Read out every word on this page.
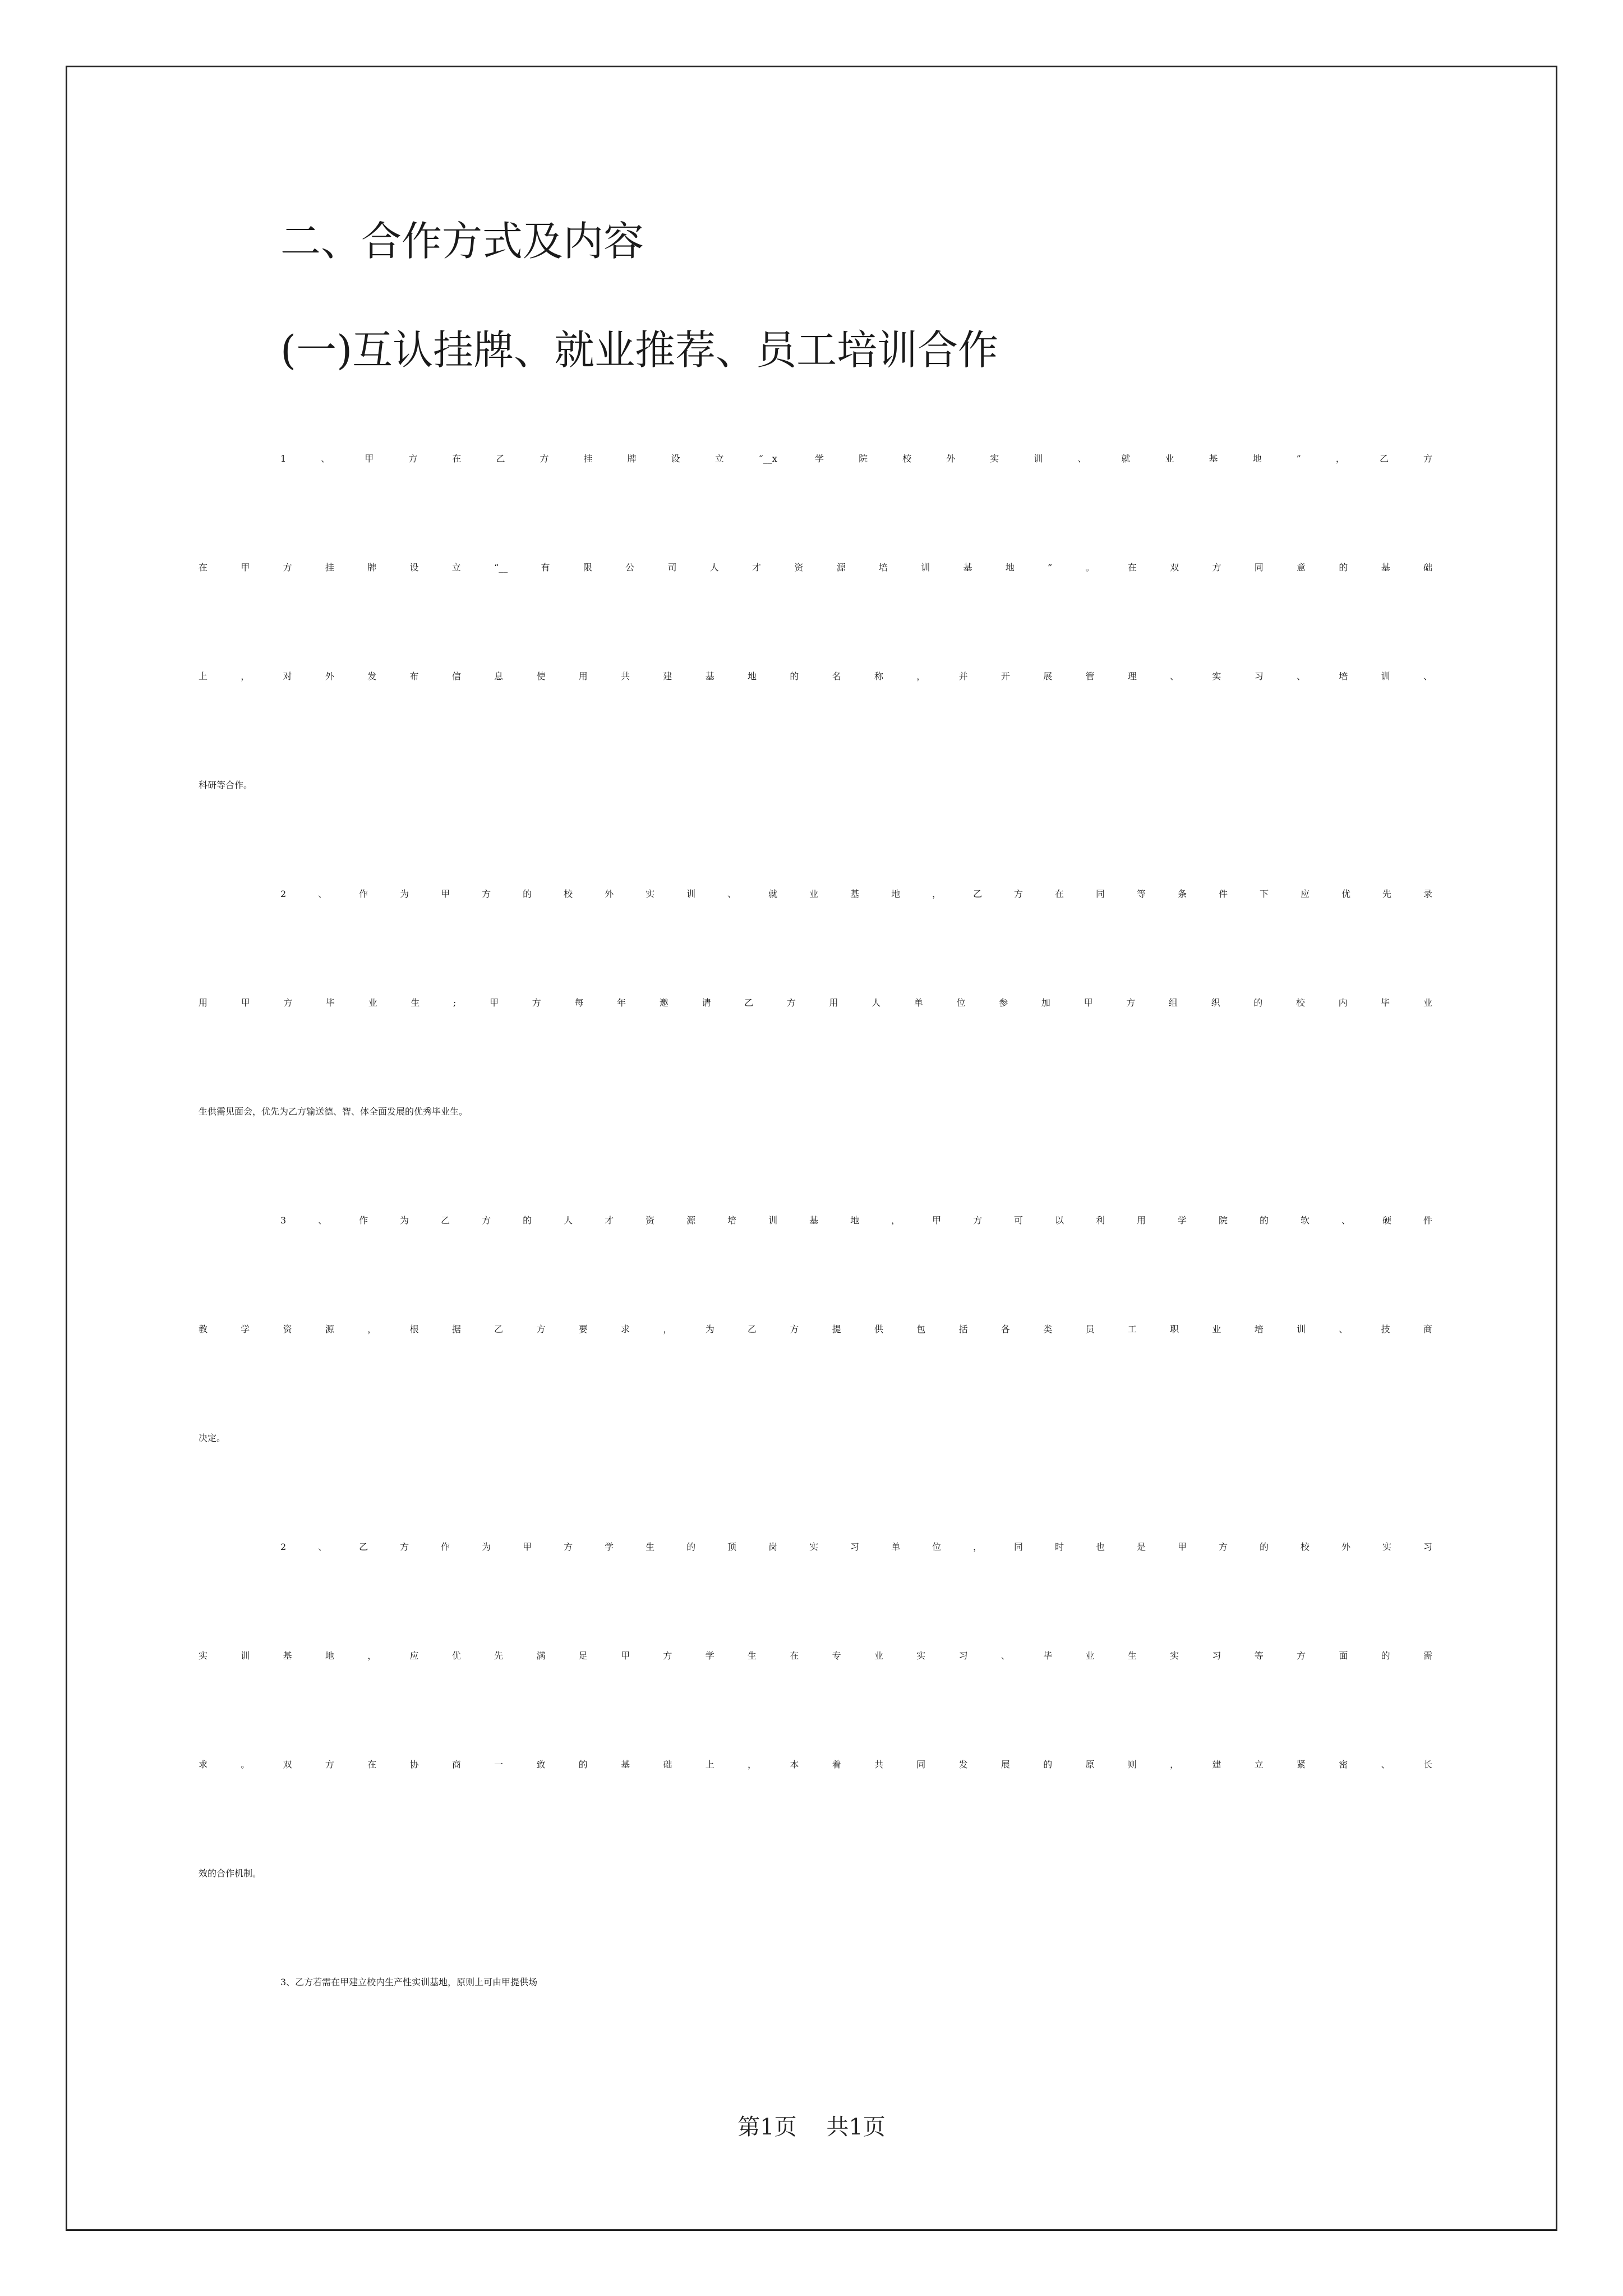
二、合作方式及内容
(一)互认挂牌、就业推荐、员工培训合作
1、甲方在乙方挂牌设立“__x 学院校外实训、就业基地”，乙方
在甲方挂牌设立“__有限公司人才资源培训基地”。在双方同意的基础
上，对外发布信息使用共建基地的名称，并开展管理、实习、培训、
科研等合作。
2、作为甲方的校外实训、就业基地，乙方在同等条件下应优先录
用甲方毕业生;甲方每年邀请乙方用人单位参加甲方组织的校内毕业
生供需见面会，优先为乙方输送德、智、体全面发展的优秀毕业生。
3、作为乙方的人才资源培训基地，甲方可以利用学院的软、硬件
教学资源，根据乙方要求，为乙方提供包括各类员工职业培训、技商
决定。
2、乙方作为甲方学生的顶岗实习单位，同时也是甲方的校外实习
实训基地，应优先满足甲方学生在专业实习、毕业生实习等方面的需
求。双方在协商一致的基础上，本着共同发展的原则，建立紧密、长
效的合作机制。
3、乙方若需在甲建立校内生产性实训基地，原则上可由甲提供场
第1页 共1页
